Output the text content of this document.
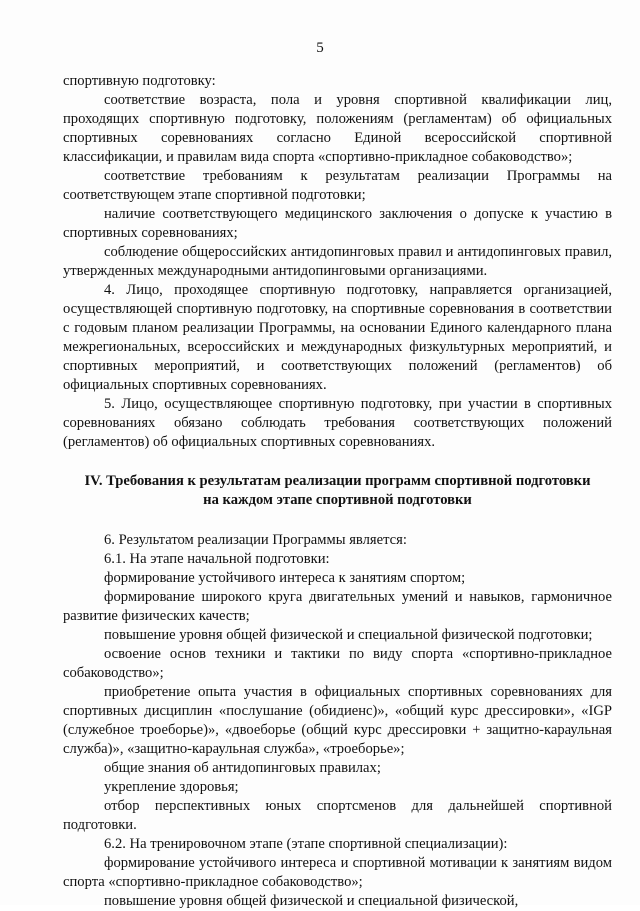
5

спортивную подготовку:

соответствие возраста, пола и уровня спортивной квалификации лиц, проходящих спортивную подготовку, положениям (регламентам) об официальных спортивных соревнованиях согласно Единой всероссийской спортивной классификации, и правилам вида спорта «спортивно-прикладное собаководство»;

соответствие требованиям к результатам реализации Программы на соответствующем этапе спортивной подготовки;

наличие соответствующего медицинского заключения о допуске к участию в спортивных соревнованиях;

соблюдение общероссийских антидопинговых правил и антидопинговых правил, утвержденных международными антидопинговыми организациями.

4. Лицо, проходящее спортивную подготовку, направляется организацией, осуществляющей спортивную подготовку, на спортивные соревнования в соответствии с годовым планом реализации Программы, на основании Единого календарного плана межрегиональных, всероссийских и международных физкультурных мероприятий, и спортивных мероприятий, и соответствующих положений (регламентов) об официальных спортивных соревнованиях.

5. Лицо, осуществляющее спортивную подготовку, при участии в спортивных соревнованиях обязано соблюдать требования соответствующих положений (регламентов) об официальных спортивных соревнованиях.

IV. Требования к результатам реализации программ спортивной подготовки
на каждом этапе спортивной подготовки

6. Результатом реализации Программы является:

6.1. На этапе начальной подготовки:

формирование устойчивого интереса к занятиям спортом;

формирование широкого круга двигательных умений и навыков, гармоничное развитие физических качеств;

повышение уровня общей физической и специальной физической подготовки;

освоение основ техники и тактики по виду спорта «спортивно-прикладное собаководство»;

приобретение опыта участия в официальных спортивных соревнованиях для спортивных дисциплин «послушание (обидиенс)», «общий курс дрессировки», «IGP (служебное троеборье)», «двоеборье (общий курс дрессировки + защитно-караульная служба)», «защитно-караульная служба», «троеборье»;

общие знания об антидопинговых правилах;

укрепление здоровья;

отбор перспективных юных спортсменов для дальнейшей спортивной подготовки.

6.2. На тренировочном этапе (этапе спортивной специализации):

формирование устойчивого интереса и спортивной мотивации к занятиям видом спорта «спортивно-прикладное собаководство»;

повышение уровня общей физической и специальной физической,
